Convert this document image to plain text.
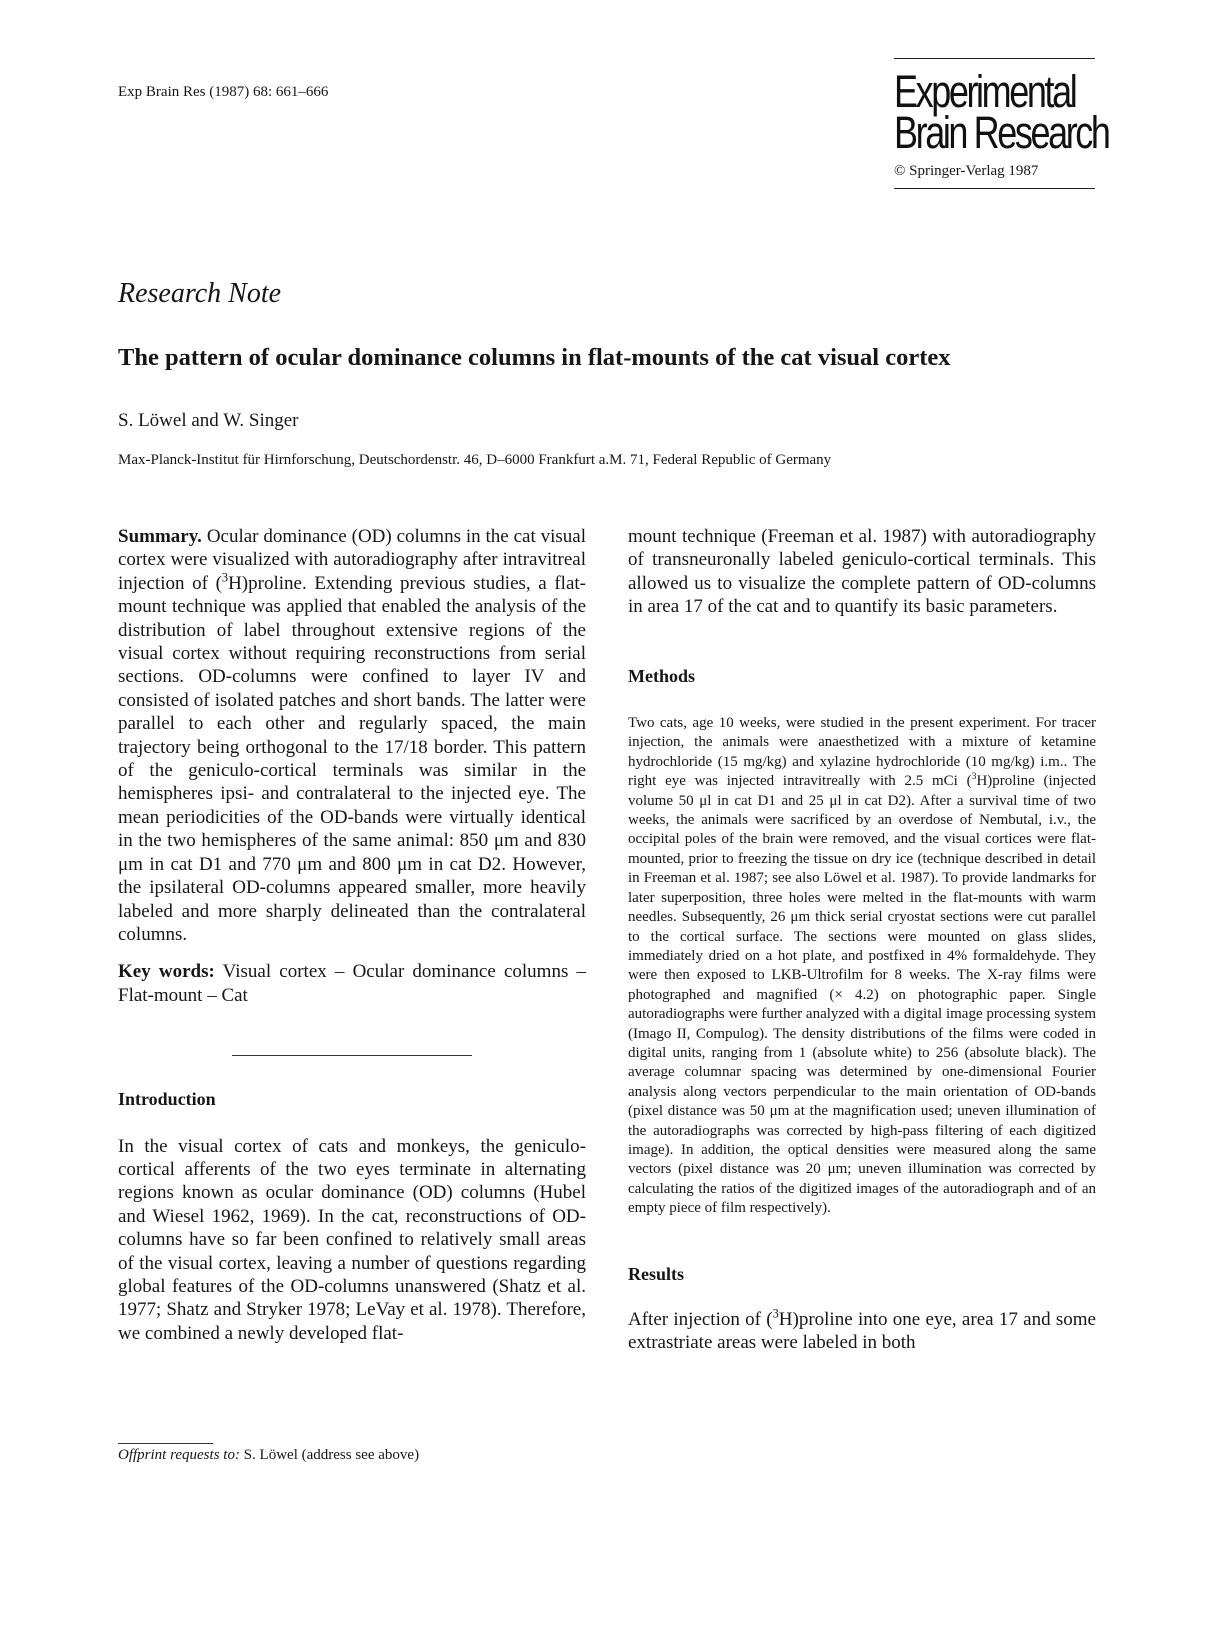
Exp Brain Res (1987) 68: 661–666	Experimental
Brain Research
© Springer-Verlag 1987
Research Note
The pattern of ocular dominance columns in flat-mounts of the cat visual cortex
S. Löwel and W. Singer
Max-Planck-Institut für Hirnforschung, Deutschordenstr. 46, D–6000 Frankfurt a.M. 71, Federal Republic of Germany

Summary. Ocular dominance (OD) columns in the cat visual cortex were visualized with autoradiography after intravitreal injection of ($^3$H)proline. Extending previous studies, a flat-mount technique was applied that enabled the analysis of the distribution of label throughout extensive regions of the visual cortex without requiring reconstructions from serial sections. OD-columns were confined to layer IV and consisted of isolated patches and short bands. The latter were parallel to each other and regularly spaced, the main trajectory being orthogonal to the 17/18 border. This pattern of the geniculo-cortical terminals was similar in the hemispheres ipsi- and contralateral to the injected eye. The mean periodicities of the OD-bands were virtually identical in the two hemispheres of the same animal: 850 μm and 830 μm in cat D1 and 770 μm and 800 μm in cat D2. However, the ipsilateral OD-columns appeared smaller, more heavily labeled and more sharply delineated than the contralateral columns.

Key words: Visual cortex – Ocular dominance columns – Flat-mount – Cat

Introduction

In the visual cortex of cats and monkeys, the geniculo-cortical afferents of the two eyes terminate in alternating regions known as ocular dominance (OD) columns (Hubel and Wiesel 1962, 1969). In the cat, reconstructions of OD-columns have so far been confined to relatively small areas of the visual cortex, leaving a number of questions regarding global features of the OD-columns unanswered (Shatz et al. 1977; Shatz and Stryker 1978; LeVay et al. 1978). Therefore, we combined a newly developed flat-

mount technique (Freeman et al. 1987) with autoradiography of transneuronally labeled geniculo-cortical terminals. This allowed us to visualize the complete pattern of OD-columns in area 17 of the cat and to quantify its basic parameters.

Methods

Two cats, age 10 weeks, were studied in the present experiment. For tracer injection, the animals were anaesthetized with a mixture of ketamine hydrochloride (15 mg/kg) and xylazine hydrochloride (10 mg/kg) i.m.. The right eye was injected intravitreally with 2.5 mCi ($^3$H)proline (injected volume 50 μl in cat D1 and 25 μl in cat D2). After a survival time of two weeks, the animals were sacrificed by an overdose of Nembutal, i.v., the occipital poles of the brain were removed, and the visual cortices were flat-mounted, prior to freezing the tissue on dry ice (technique described in detail in Freeman et al. 1987; see also Löwel et al. 1987). To provide landmarks for later superposition, three holes were melted in the flat-mounts with warm needles. Subsequently, 26 μm thick serial cryostat sections were cut parallel to the cortical surface. The sections were mounted on glass slides, immediately dried on a hot plate, and postfixed in 4% formaldehyde. They were then exposed to LKB-Ultrofilm for 8 weeks. The X-ray films were photographed and magnified (× 4.2) on photographic paper. Single autoradiographs were further analyzed with a digital image processing system (Imago II, Compulog). The density distributions of the films were coded in digital units, ranging from 1 (absolute white) to 256 (absolute black). The average columnar spacing was determined by one-dimensional Fourier analysis along vectors perpendicular to the main orientation of OD-bands (pixel distance was 50 μm at the magnification used; uneven illumination of the autoradiographs was corrected by high-pass filtering of each digitized image). In addition, the optical densities were measured along the same vectors (pixel distance was 20 μm; uneven illumination was corrected by calculating the ratios of the digitized images of the autoradiograph and of an empty piece of film respectively).

Results

After injection of ($^3$H)proline into one eye, area 17 and some extrastriate areas were labeled in both

Offprint requests to: S. Löwel (address see above)
